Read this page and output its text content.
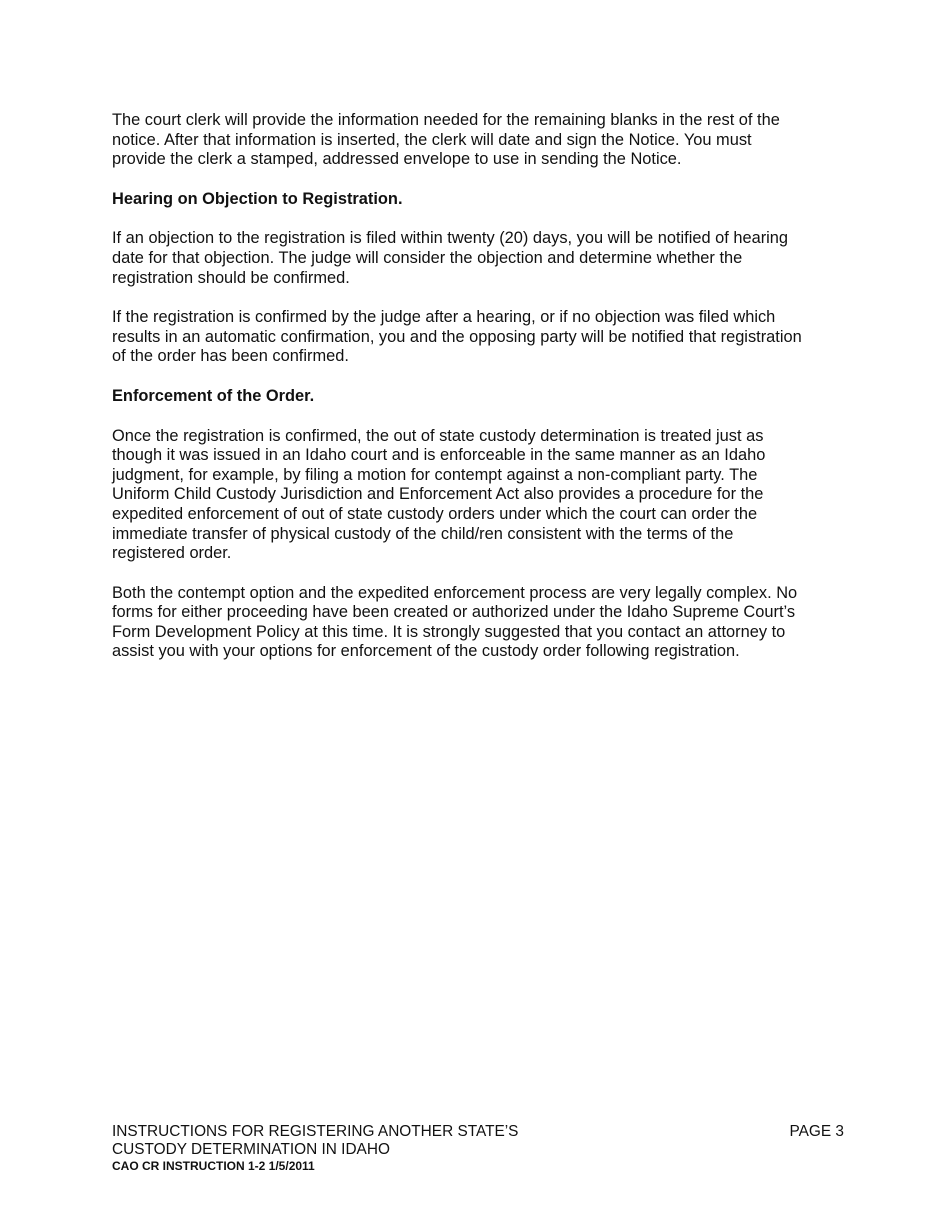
The court clerk will provide the information needed for the remaining blanks in the rest of the
notice. After that information is inserted, the clerk will date and sign the Notice. You must
provide the clerk a stamped, addressed envelope to use in sending the Notice.

Hearing on Objection to Registration.

If an objection to the registration is filed within twenty (20) days, you will be notified of hearing
date for that objection. The judge will consider the objection and determine whether the
registration should be confirmed.

If the registration is confirmed by the judge after a hearing, or if no objection was filed which
results in an automatic confirmation, you and the opposing party will be notified that registration
of the order has been confirmed.

Enforcement of the Order.

Once the registration is confirmed, the out of state custody determination is treated just as
though it was issued in an Idaho court and is enforceable in the same manner as an Idaho
judgment, for example, by filing a motion for contempt against a non-compliant party. The
Uniform Child Custody Jurisdiction and Enforcement Act also provides a procedure for the
expedited enforcement of out of state custody orders under which the court can order the
immediate transfer of physical custody of the child/ren consistent with the terms of the
registered order.

Both the contempt option and the expedited enforcement process are very legally complex. No
forms for either proceeding have been created or authorized under the Idaho Supreme Court’s
Form Development Policy at this time. It is strongly suggested that you contact an attorney to
assist you with your options for enforcement of the custody order following registration.

INSTRUCTIONS FOR REGISTERING ANOTHER STATE’S
CUSTODY DETERMINATION IN IDAHO
CAO CR INSTRUCTION 1-2 1/5/2011
PAGE 3
